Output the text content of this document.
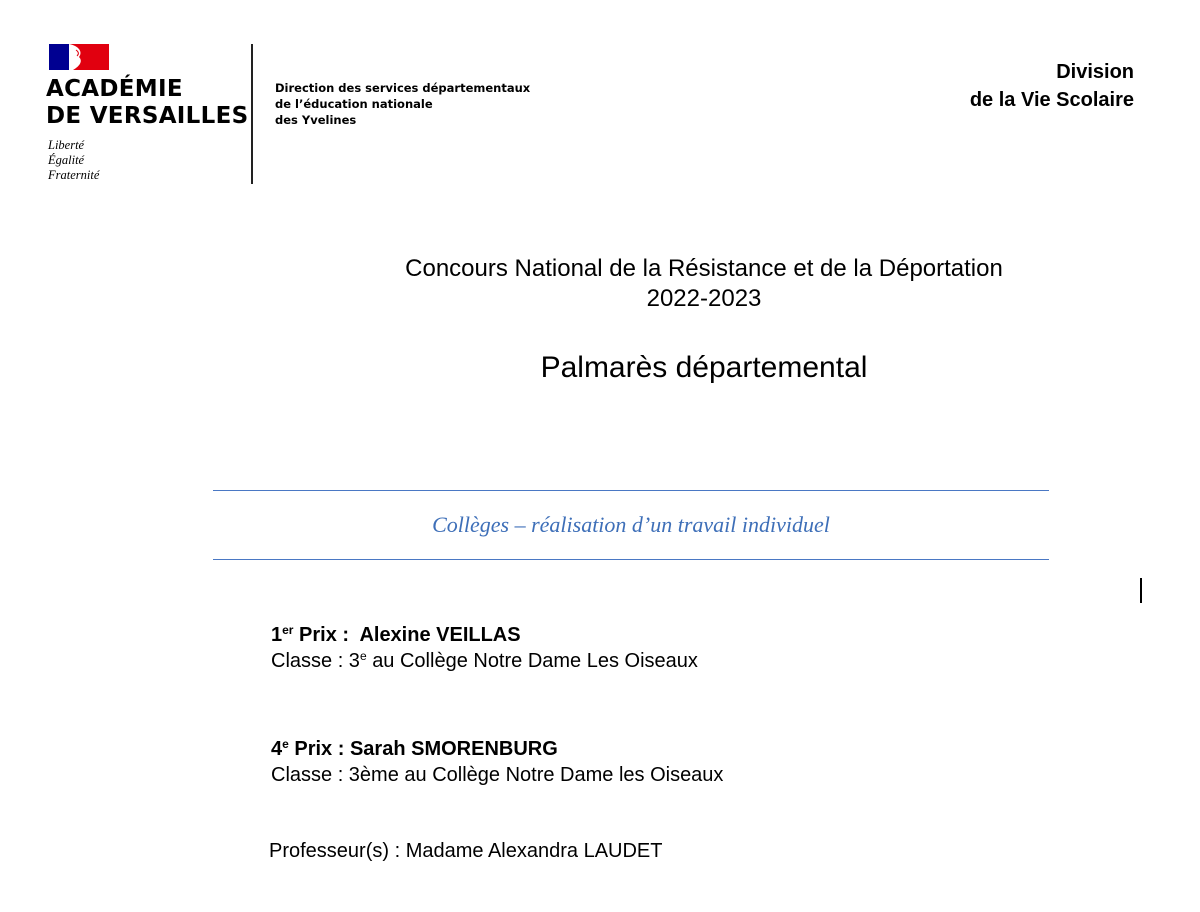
ACADÉMIE
DE VERSAILLES
Liberté
Égalité
Fraternité
Direction des services départementaux
de l’éducation nationale
des Yvelines
Division
de la Vie Scolaire
Concours National de la Résistance et de la Déportation
2022-2023
Palmarès départemental
Collèges – réalisation d’un travail individuel
1er Prix : Alexine VEILLAS
Classe : 3e au Collège Notre Dame Les Oiseaux
4e Prix : Sarah SMORENBURG
Classe : 3ème au Collège Notre Dame les Oiseaux
Professeur(s) : Madame Alexandra LAUDET
